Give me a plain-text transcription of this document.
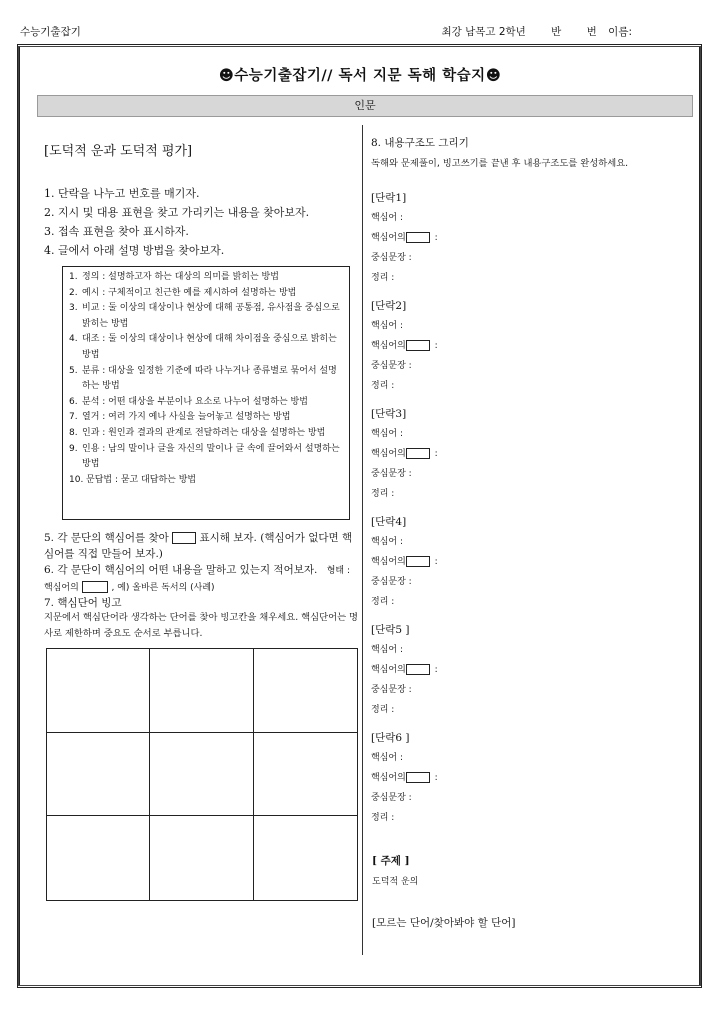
수능기출잡기	최강 남목고 2학년 반 번 이름:
☻수능기출잡기// 독서 지문 독해 학습지☻
인문
[도덕적 운과 도덕적 평가]
1. 단락을 나누고 번호를 매기자.
2. 지시 및 대용 표현을 찾고 가리키는 내용을 찾아보자.
3. 접속 표현을 찾아 표시하자.
4. 글에서 아래 설명 방법을 찾아보자.
1. 정의 : 설명하고자 하는 대상의 의미를 밝히는 방법
2. 예시 : 구체적이고 친근한 예를 제시하여 설명하는 방법
3. 비교 : 둘 이상의 대상이나 현상에 대해 공통점, 유사점을 중심으로 밝히는 방법
4. 대조 : 둘 이상의 대상이나 현상에 대해 차이점을 중심으로 밝히는 방법
5. 분류 : 대상을 일정한 기준에 따라 나누거나 종류별로 묶어서 설명하는 방법
6. 분석 : 어떤 대상을 부분이나 요소로 나누어 설명하는 방법
7. 열거 : 여러 가지 예나 사실을 늘어놓고 설명하는 방법
8. 인과 : 원인과 결과의 관계로 전달하려는 대상을 설명하는 방법
9. 인용 : 남의 말이나 글을 자신의 말이나 글 속에 끌어와서 설명하는 방법
10. 문답법 : 묻고 대답하는 방법
5. 각 문단의 핵심어를 찾아	표시해 보자. (핵심어가 없다면 핵심어를 직접 만들어 보자.)
6. 각 문단이 핵심어의 어떤 내용을 말하고 있는지 적어보자. 형태 : 핵심어의	, 예) 올바른 독서의 (사례)
7. 핵심단어 빙고
지문에서 핵심단어라 생각하는 단어를 찾아 빙고칸을 채우세요. 핵심단어는 명사로 제한하며 중요도 순서로 부릅니다.
8. 내용구조도 그리기
독해와 문제풀이, 빙고쓰기를 끝낸 후 내용구조도를 완성하세요.
[단락1]
핵심어 :
핵심어의	:
중심문장 :
정리 :
[단락2]
핵심어 :
핵심어의	:
중심문장 :
정리 :
[단락3]
핵심어 :
핵심어의	:
중심문장 :
정리 :
[단락4]
핵심어 :
핵심어의	:
중심문장 :
정리 :
[단락5 ]
핵심어 :
핵심어의	:
중심문장 :
정리 :
[단락6 ]
핵심어 :
핵심어의	:
중심문장 :
정리 :
[ 주제 ]
도덕적 운의
[모르는 단어/찾아봐야 할 단어]
